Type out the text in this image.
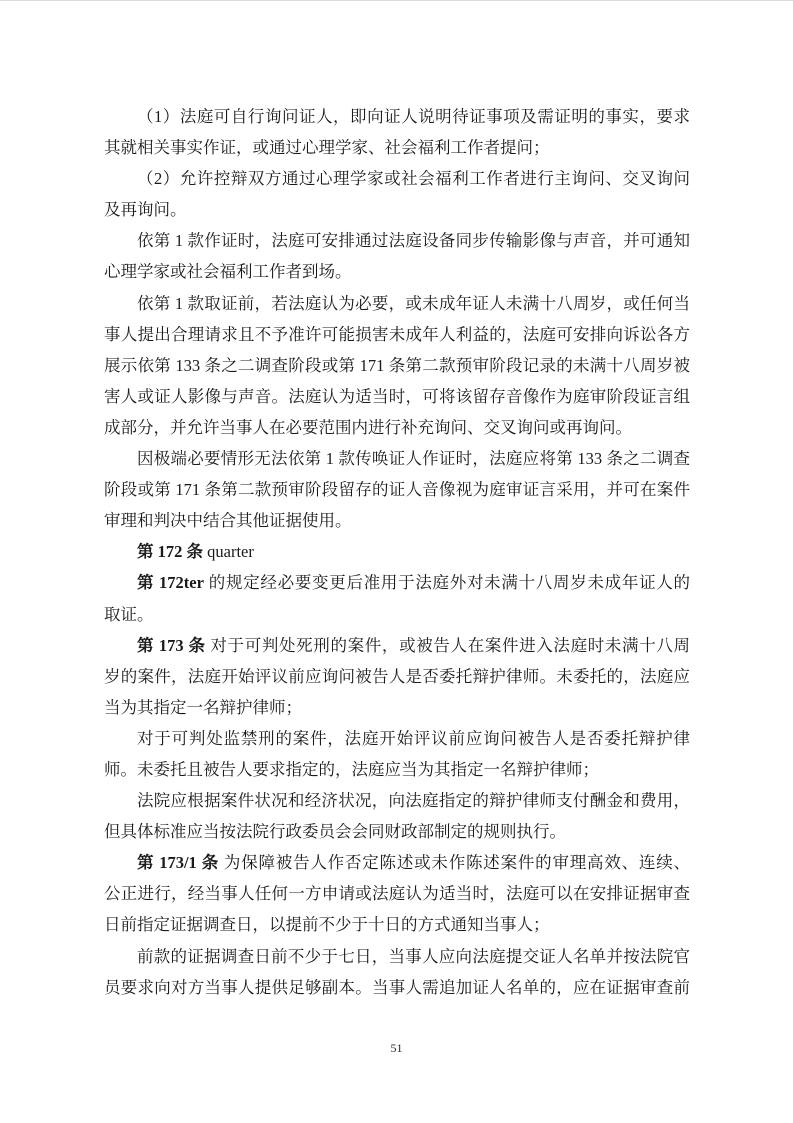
（1）法庭可自行询问证人，即向证人说明待证事项及需证明的事实，要求
其就相关事实作证，或通过心理学家、社会福利工作者提问；
（2）允许控辩双方通过心理学家或社会福利工作者进行主询问、交叉询问
及再询问。
依第 1 款作证时，法庭可安排通过法庭设备同步传输影像与声音，并可通知
心理学家或社会福利工作者到场。
依第 1 款取证前，若法庭认为必要，或未成年证人未满十八周岁，或任何当
事人提出合理请求且不予准许可能损害未成年人利益的，法庭可安排向诉讼各方
展示依第 133 条之二调查阶段或第 171 条第二款预审阶段记录的未满十八周岁被
害人或证人影像与声音。法庭认为适当时，可将该留存音像作为庭审阶段证言组
成部分，并允许当事人在必要范围内进行补充询问、交叉询问或再询问。
因极端必要情形无法依第 1 款传唤证人作证时，法庭应将第 133 条之二调查
阶段或第 171 条第二款预审阶段留存的证人音像视为庭审证言采用，并可在案件
审理和判决中结合其他证据使用。
第 172 条 quarter
第 172ter 的规定经必要变更后准用于法庭外对未满十八周岁未成年证人的
取证。
第 173 条 对于可判处死刑的案件，或被告人在案件进入法庭时未满十八周
岁的案件，法庭开始评议前应询问被告人是否委托辩护律师。未委托的，法庭应
当为其指定一名辩护律师；
对于可判处监禁刑的案件，法庭开始评议前应询问被告人是否委托辩护律
师。未委托且被告人要求指定的，法庭应当为其指定一名辩护律师；
法院应根据案件状况和经济状况，向法庭指定的辩护律师支付酬金和费用，
但具体标准应当按法院行政委员会会同财政部制定的规则执行。
第 173/1 条 为保障被告人作否定陈述或未作陈述案件的审理高效、连续、
公正进行，经当事人任何一方申请或法庭认为适当时，法庭可以在安排证据审查
日前指定证据调查日，以提前不少于十日的方式通知当事人；
前款的证据调查日前不少于七日，当事人应向法庭提交证人名单并按法院官
员要求向对方当事人提供足够副本。当事人需追加证人名单的，应在证据审查前
51
